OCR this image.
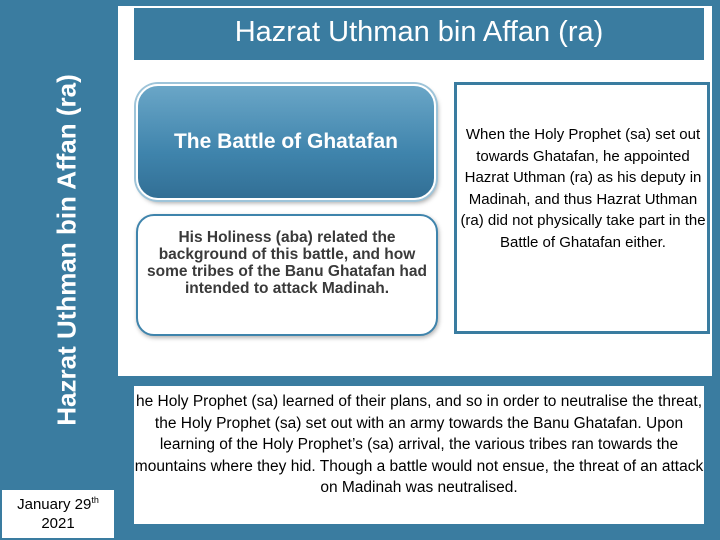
Hazrat Uthman bin Affan (ra)
January 29th
2021
Hazrat Uthman bin Affan (ra)
The Battle of Ghatafan
His Holiness (aba) related the background of this battle, and how some tribes of the Banu Ghatafan had intended to attack Madinah.
When the Holy Prophet (sa) set out towards Ghatafan, he appointed Hazrat Uthman (ra) as his deputy in Madinah, and thus Hazrat Uthman (ra) did not physically take part in the Battle of Ghatafan either.
he Holy Prophet (sa) learned of their plans, and so in order to neutralise the threat, the Holy Prophet (sa) set out with an army towards the Banu Ghatafan. Upon learning of the Holy Prophet’s (sa) arrival, the various tribes ran towards the mountains where they hid. Though a battle would not ensue, the threat of an attack on Madinah was neutralised.
